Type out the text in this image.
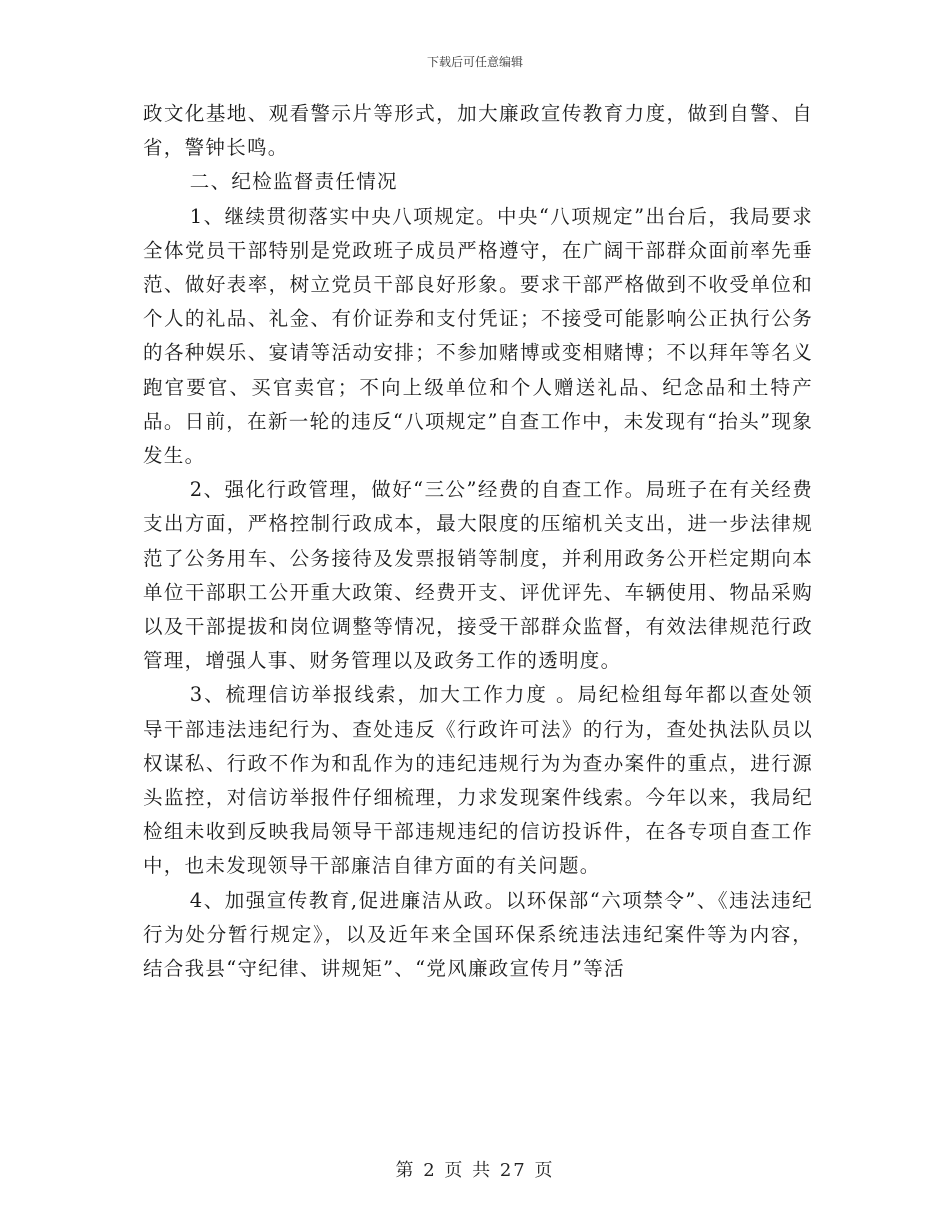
下载后可任意编辑

政文化基地、观看警示片等形式，加大廉政宣传教育力度，做到自警、自省，警钟长鸣。

二、纪检监督责任情况

1、继续贯彻落实中央八项规定。中央“八项规定”出台后，我局要求全体党员干部特别是党政班子成员严格遵守，在广阔干部群众面前率先垂范、做好表率，树立党员干部良好形象。要求干部严格做到不收受单位和个人的礼品、礼金、有价证券和支付凭证；不接受可能影响公正执行公务的各种娱乐、宴请等活动安排；不参加赌博或变相赌博；不以拜年等名义跑官要官、买官卖官；不向上级单位和个人赠送礼品、纪念品和土特产品。日前，在新一轮的违反“八项规定”自查工作中，未发现有“抬头”现象发生。

2、强化行政管理，做好“三公”经费的自查工作。局班子在有关经费支出方面，严格控制行政成本，最大限度的压缩机关支出，进一步法律规范了公务用车、公务接待及发票报销等制度，并利用政务公开栏定期向本单位干部职工公开重大政策、经费开支、评优评先、车辆使用、物品采购以及干部提拔和岗位调整等情况，接受干部群众监督，有效法律规范行政管理，增强人事、财务管理以及政务工作的透明度。

3、梳理信访举报线索，加大工作力度 。局纪检组每年都以查处领导干部违法违纪行为、查处违反《行政许可法》的行为，查处执法队员以权谋私、行政不作为和乱作为的违纪违规行为为查办案件的重点，进行源头监控，对信访举报件仔细梳理，力求发现案件线索。今年以来，我局纪检组未收到反映我局领导干部违规违纪的信访投诉件，在各专项自查工作中，也未发现领导干部廉洁自律方面的有关问题。

4、加强宣传教育,促进廉洁从政。以环保部“六项禁令”、《违法违纪行为处分暂行规定》，以及近年来全国环保系统违法违纪案件等为内容，结合我县“守纪律、讲规矩”、“党风廉政宣传月”等活

第 2 页 共 27 页
